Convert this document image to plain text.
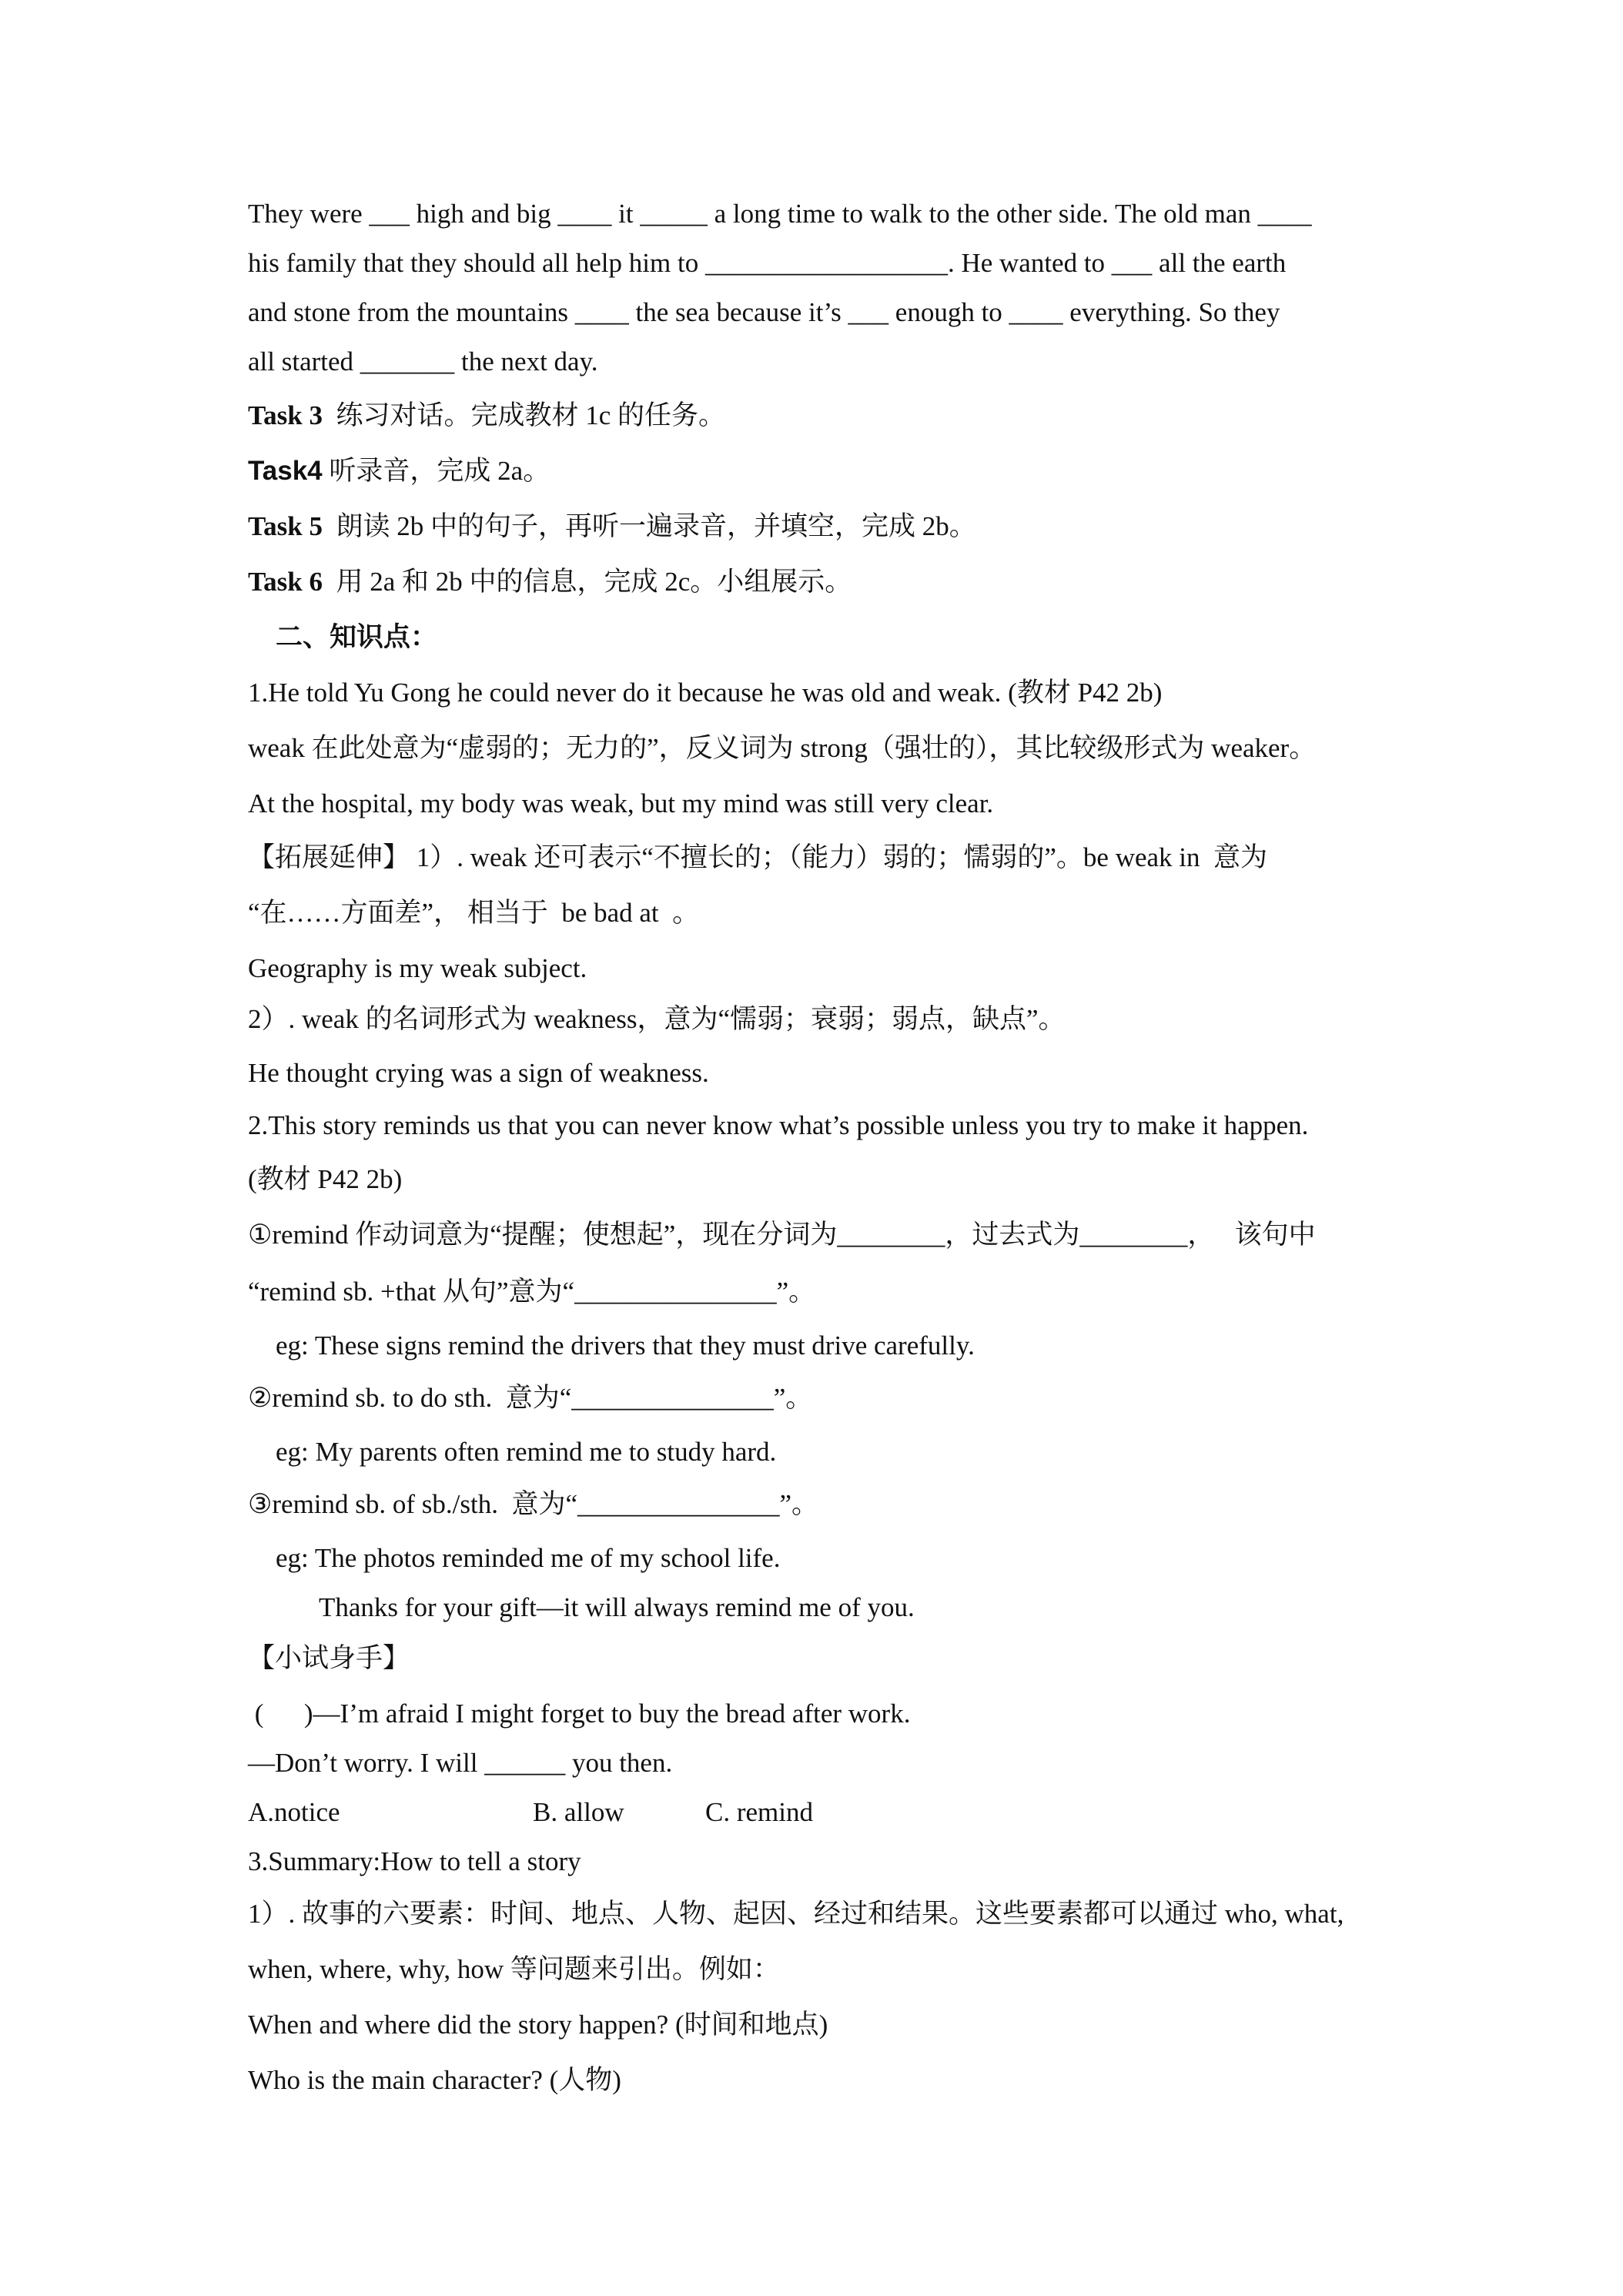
They were ___ high and big ____ it _____ a long time to walk to the other side. The old man ____
his family that they should all help him to __________________. He wanted to ___ all the earth
and stone from the mountains ____ the sea because it’s ___ enough to ____ everything. So they
all started _______ the next day.
Task 3  练习对话。完成教材 1c 的任务。
Task4 听录音，完成 2a。
Task 5  朗读 2b 中的句子，再听一遍录音，并填空，完成 2b。
Task 6  用 2a 和 2b 中的信息，完成 2c。小组展示。
二、知识点：
1.He told Yu Gong he could never do it because he was old and weak. (教材 P42 2b)
weak 在此处意为“虚弱的；无力的”，反义词为 strong（强壮的），其比较级形式为 weaker。
At the hospital, my body was weak, but my mind was still very clear.
【拓展延伸】 1）. weak 还可表示“不擅长的；（能力）弱的；懦弱的”。be weak in  意为
“在……方面差”， 相当于  be bad at  。
Geography is my weak subject.
2）. weak 的名词形式为 weakness，意为“懦弱；衰弱；弱点，缺点”。
He thought crying was a sign of weakness.
2.This story reminds us that you can never know what’s possible unless you try to make it happen.
(教材 P42 2b)
①remind 作动词意为“提醒；使想起”，现在分词为________，过去式为________，   该句中
“remind sb. +that 从句”意为“_______________”。
eg: These signs remind the drivers that they must drive carefully.
②remind sb. to do sth.  意为“_______________”。
eg: My parents often remind me to study hard.
③remind sb. of sb./sth.  意为“_______________”。
eg: The photos reminded me of my school life.
Thanks for your gift—it will always remind me of you.
【小试身手】
(      )—I’m afraid I might forget to buy the bread after work.
—Don’t worry. I will ______ you then.

A.notice

	B. allow

	C. remind

3.Summary:How to tell a story
1）. 故事的六要素：时间、地点、人物、起因、经过和结果。这些要素都可以通过 who, what,
when, where, why, how 等问题来引出。例如：
When and where did the story happen? (时间和地点)
Who is the main character? (人物)
